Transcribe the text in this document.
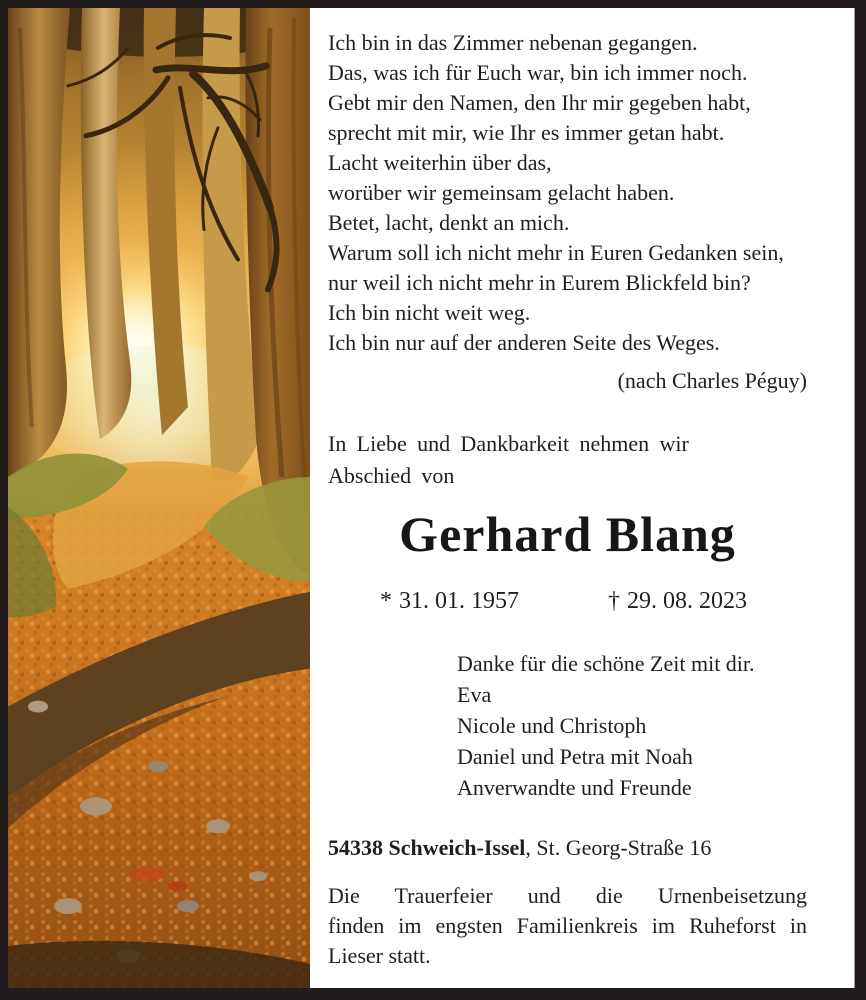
Ich bin in das Zimmer nebenan gegangen.
Das, was ich für Euch war, bin ich immer noch.
Gebt mir den Namen, den Ihr mir gegeben habt,
sprecht mit mir, wie Ihr es immer getan habt.
Lacht weiterhin über das,
worüber wir gemeinsam gelacht haben.
Betet, lacht, denkt an mich.
Warum soll ich nicht mehr in Euren Gedanken sein,
nur weil ich nicht mehr in Eurem Blickfeld bin?
Ich bin nicht weit weg.
Ich bin nur auf der anderen Seite des Weges.
(nach Charles Péguy)
In Liebe und Dankbarkeit nehmen wir
Abschied von
Gerhard Blang
* 31. 01. 1957	† 29. 08. 2023
Danke für die schöne Zeit mit dir.
Eva
Nicole und Christoph
Daniel und Petra mit Noah
Anverwandte und Freunde
54338 Schweich-Issel, St. Georg-Straße 16
Die Trauerfeier und die Urnenbeisetzung
finden im engsten Familienkreis im Ruheforst in
Lieser statt.
